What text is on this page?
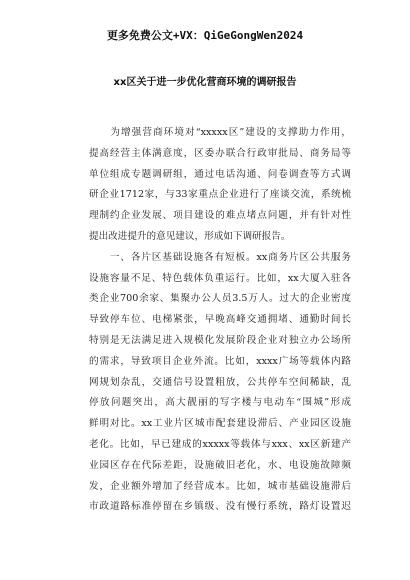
更多免费公文+VX：QiGeGongWen2024
xx区关于进一步优化营商环境的调研报告
　　为增强营商环境对“xxxxx区”建设的支撑助力作用，
提高经营主体满意度，区委办联合行政审批局、商务局等
单位组成专题调研组，通过电话沟通、问卷调查等方式调
研企业1712家，与33家重点企业进行了座谈交流，系统梳
理制约企业发展、项目建设的难点堵点问题，并有针对性
提出改进提升的意见建议，形成如下调研报告。
　　一、各片区基础设施各有短板。xx商务片区公共服务
设施容量不足、特色载体负重运行。比如，xx大厦入驻各
类企业700余家、集聚办公人员3.5万人。过大的企业密度
导致停车位、电梯紧张，早晚高峰交通拥堵、通勤时间长
特别是无法满足进入规模化发展阶段企业对独立办公场所
的需求，导致项目企业外流。比如，xxxx广场等载体内路
网规划杂乱，交通信号设置粗放，公共停车空间稀缺，乱
停放问题突出，高大靓丽的写字楼与电动车“围城”形成
鲜明对比。xx工业片区城市配套建设滞后、产业园区设施
老化。比如，早已建成的xxxxx等载体与xxx、xx区新建产
业园区存在代际差距，设施破旧老化，水、电设施故障频
发，企业额外增加了经营成本。比如，城市基础设施滞后
市政道路标准停留在乡镇级、没有慢行系统，路灯设置迟
